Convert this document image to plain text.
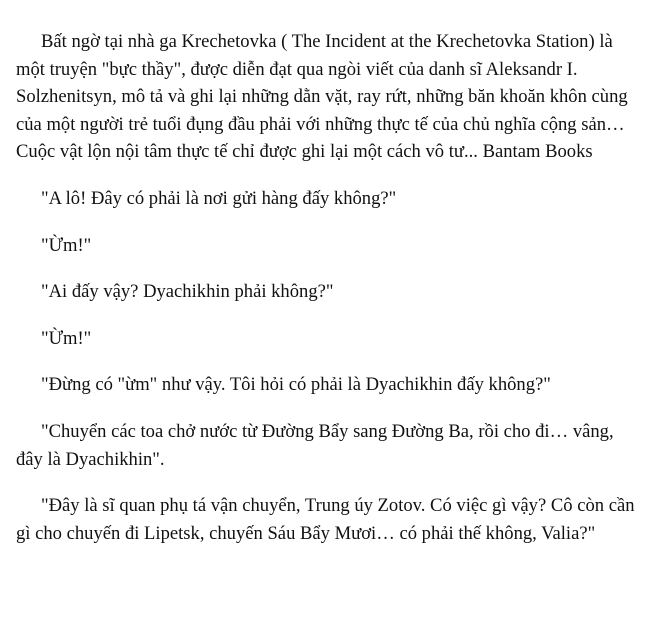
Bất ngờ tại nhà ga Krechetovka ( The Incident at the Krechetovka Station) là một truyện "bực thầy", được diễn đạt qua ngòi viết của danh sĩ Aleksandr I. Solzhenitsyn, mô tả và ghi lại những dằn vặt, ray rứt, những băn khoăn khôn cùng của một người trẻ tuổi đụng đầu phải với những thực tế của chủ nghĩa cộng sản… Cuộc vật lộn nội tâm thực tế chỉ được ghi lại một cách vô tư... Bantam Books

"A lô! Đây có phải là nơi gửi hàng đấy không?"

"Ừm!"

"Ai đấy vậy? Dyachikhin phải không?"

"Ừm!"

"Đừng có "ừm" như vậy. Tôi hỏi có phải là Dyachikhin đấy không?"

"Chuyển các toa chở nước từ Đường Bẩy sang Đường Ba, rồi cho đi… vâng, đây là Dyachikhin".

"Đây là sĩ quan phụ tá vận chuyển, Trung úy Zotov. Có việc gì vậy? Cô còn cần gì cho chuyến đi Lipetsk, chuyến Sáu Bẩy Mươi… có phải thế không, Valia?"
